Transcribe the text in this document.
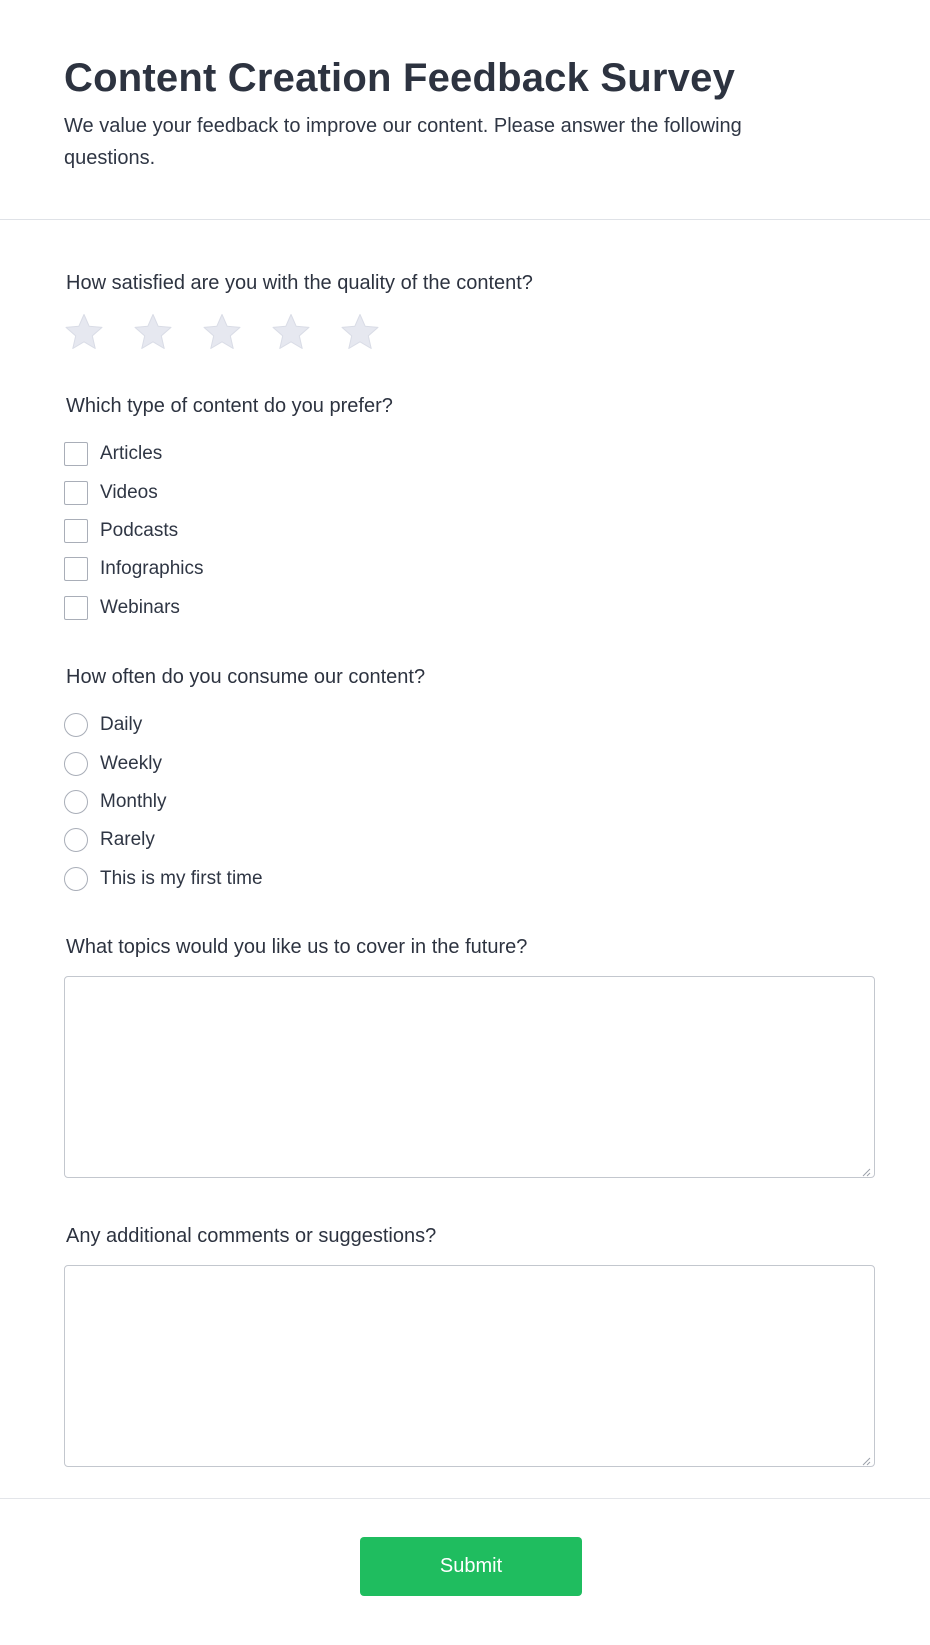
Content Creation Feedback Survey

We value your feedback to improve our content. Please answer the following questions.

How satisfied are you with the quality of the content?
Which type of content do you prefer?
Articles
Videos
Podcasts
Infographics
Webinars
How often do you consume our content?
Daily
Weekly
Monthly
Rarely
This is my first time
What topics would you like us to cover in the future?
Any additional comments or suggestions?
Submit
